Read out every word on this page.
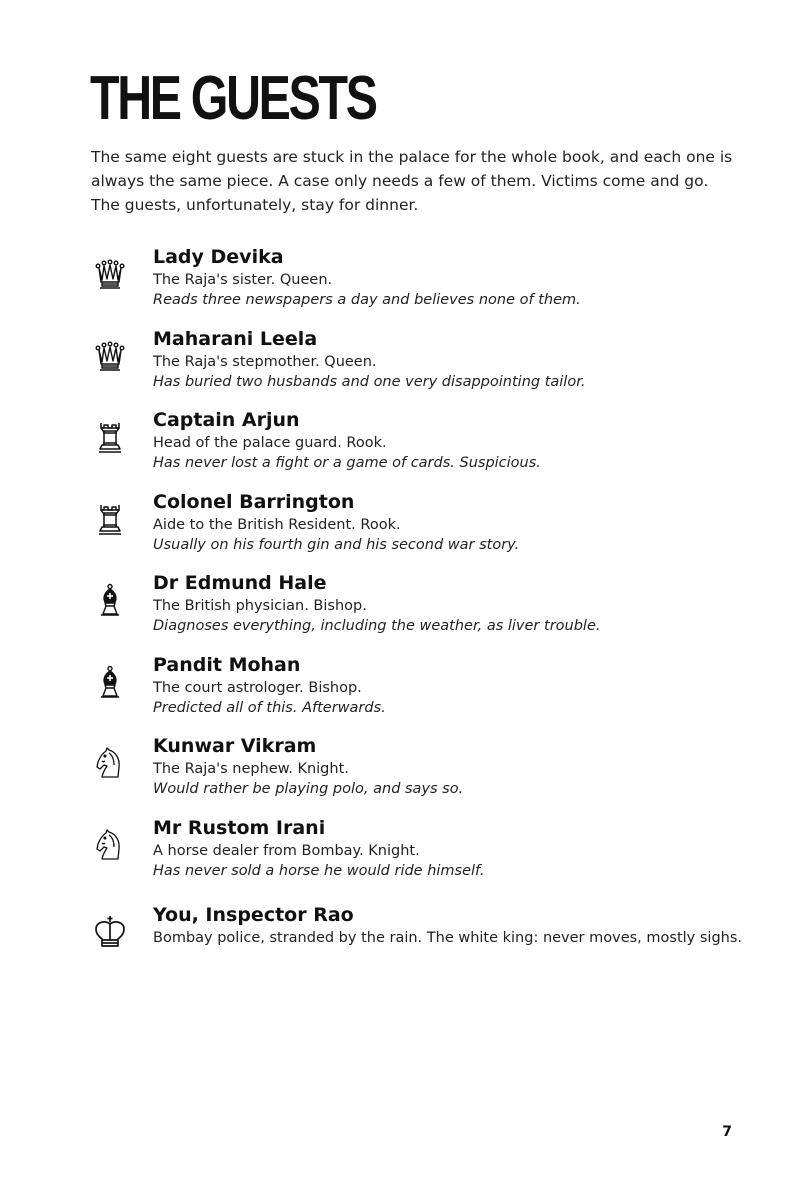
THE GUESTS

The same eight guests are stuck in the palace for the whole book, and each one is always the same piece. A case only needs a few of them. Victims come and go. The guests, unfortunately, stay for dinner.

Lady Devika

The Raja's sister. Queen.

Reads three newspapers a day and believes none of them.

Maharani Leela

The Raja's stepmother. Queen.

Has buried two husbands and one very disappointing tailor.

Captain Arjun

Head of the palace guard. Rook.

Has never lost a fight or a game of cards. Suspicious.

Colonel Barrington

Aide to the British Resident. Rook.

Usually on his fourth gin and his second war story.

Dr Edmund Hale

The British physician. Bishop.

Diagnoses everything, including the weather, as liver trouble.

Pandit Mohan

The court astrologer. Bishop.

Predicted all of this. Afterwards.

Kunwar Vikram

The Raja's nephew. Knight.

Would rather be playing polo, and says so.

Mr Rustom Irani

A horse dealer from Bombay. Knight.

Has never sold a horse he would ride himself.

You, Inspector Rao

Bombay police, stranded by the rain. The white king: never moves, mostly sighs.

7
